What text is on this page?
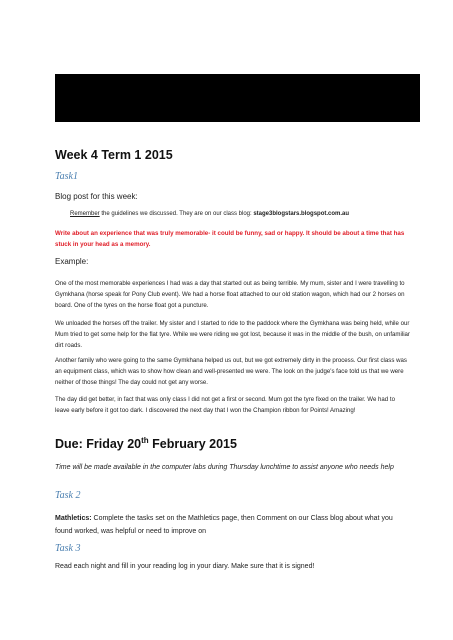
Week 4 Term 1 2015
Task1
Blog post for this week:
Remember the guidelines we discussed. They are on our class blog: stage3blogstars.blogspot.com.au
Write about an experience that was truly memorable- it could be funny, sad or happy. It should be about a time that has stuck in your head as a memory.
Example:
One of the most memorable experiences I had was a day that started out as being terrible. My mum, sister and I were travelling to Gymkhana (horse speak for Pony Club event). We had a horse float attached to our old station wagon, which had our 2 horses on board. One of the tyres on the horse float got a puncture.
We unloaded the horses off the trailer. My sister and I started to ride to the paddock where the Gymkhana was being held, while our Mum tried to get some help for the flat tyre. While we were riding we got lost, because it was in the middle of the bush, on unfamiliar dirt roads.
Another family who were going to the same Gymkhana helped us out, but we got extremely dirty in the process. Our first class was an equipment class, which was to show how clean and well-presented we were. The look on the judge's face told us that we were neither of those things! The day could not get any worse.
The day did get better, in fact that was only class I did not get a first or second. Mum got the tyre fixed on the trailer. We had to leave early before it got too dark. I discovered the next day that I won the Champion ribbon for Points! Amazing!
Due: Friday 20th February 2015
Time will be made available in the computer labs during Thursday lunchtime to assist anyone who needs help
Task 2
Mathletics: Complete the tasks set on the Mathletics page, then Comment on our Class blog about what you found worked, was helpful or need to improve on
Task 3
Read each night and fill in your reading log in your diary. Make sure that it is signed!
